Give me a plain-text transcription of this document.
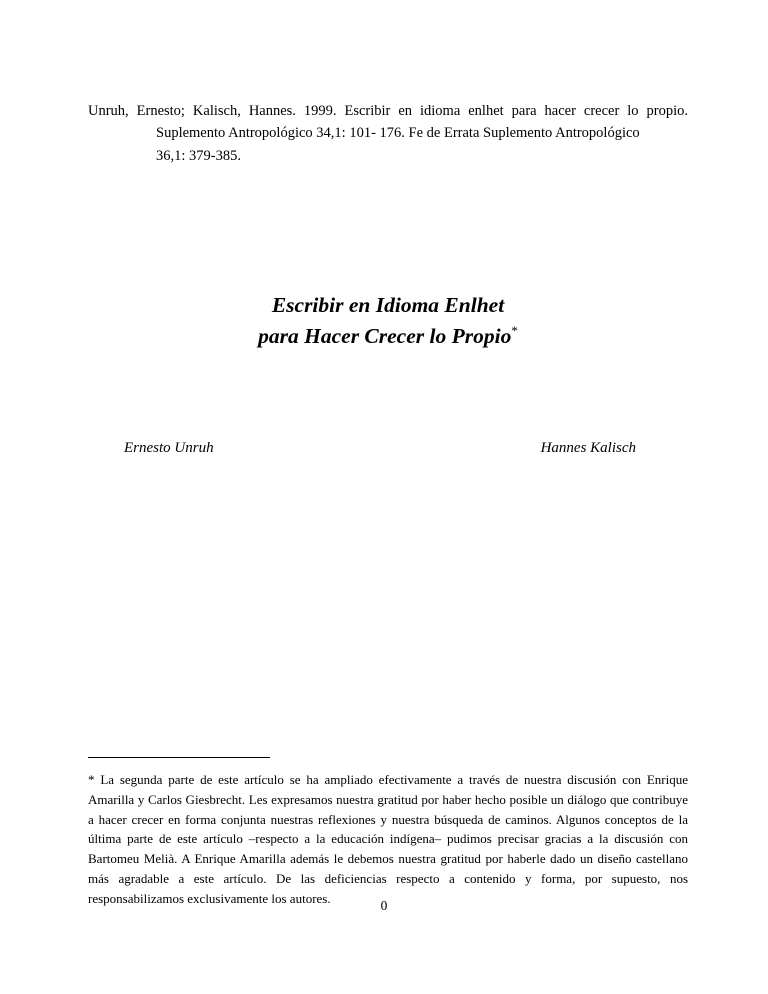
Unruh, Ernesto; Kalisch, Hannes. 1999. Escribir en idioma enlhet para hacer crecer lo propio.
Suplemento Antropológico 34,1: 101- 176. Fe de Errata Suplemento Antropológico
36,1: 379-385.
Escribir en Idioma Enlhet
para Hacer Crecer lo Propio*
Ernesto Unruh	Hannes Kalisch

* La segunda parte de este artículo se ha ampliado efectivamente a través de nuestra discusión con Enrique Amarilla y Carlos Giesbrecht. Les expresamos nuestra gratitud por haber hecho posible un diálogo que contribuye a hacer crecer en forma conjunta nuestras reflexiones y nuestra búsqueda de caminos. Algunos conceptos de la última parte de este artículo –respecto a la educación indígena– pudimos precisar gracias a la discusión con Bartomeu Melià. A Enrique Amarilla además le debemos nuestra gratitud por haberle dado un diseño castellano más agradable a este artículo. De las deficiencias respecto a contenido y forma, por supuesto, nos responsabilizamos exclusivamente los autores.	0
